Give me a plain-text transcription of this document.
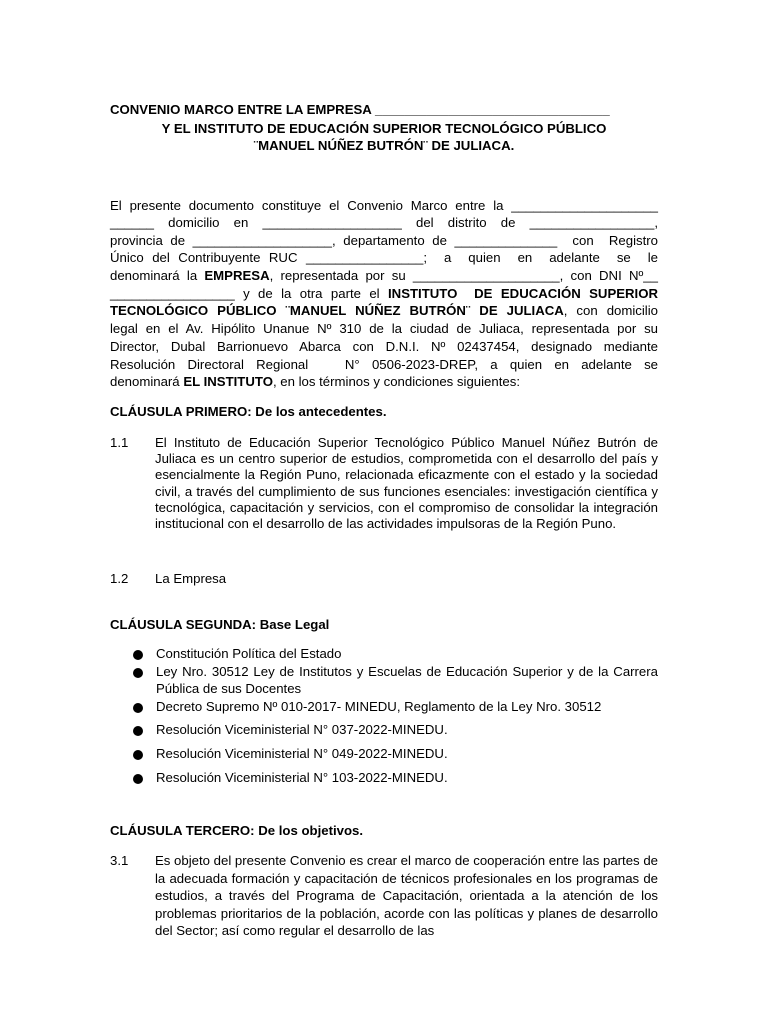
CONVENIO MARCO ENTRE LA EMPRESA ________________________________
Y EL INSTITUTO DE EDUCACIÓN SUPERIOR TECNOLÓGICO PÚBLICO
¨MANUEL NÚÑEZ BUTRÓN¨ DE JULIACA.
El presente documento constituye el Convenio Marco entre la ____________________
______ domicilio en ___________________ del distrito de _________________,
provincia de ___________________, departamento de ______________  con  Registro
Único del Contribuyente RUC ________________;  a  quien  en  adelante  se  le
denominará la EMPRESA, representada por su ____________________, con DNI Nº__
_________________ y de la otra parte el INSTITUTO  DE EDUCACIÓN SUPERIOR
TECNOLÓGICO PÚBLICO ¨MANUEL NÚÑEZ BUTRÓN¨ DE JULIACA, con domicilio
legal en el Av. Hipólito Unanue Nº 310 de la ciudad de Juliaca, representada por su
Director, Dubal Barrionuevo Abarca con D.N.I. Nº 02437454, designado mediante
Resolución Directoral Regional   N° 0506-2023-DREP, a quien en adelante se
denominará EL INSTITUTO, en los términos y condiciones siguientes:
CLÁUSULA PRIMERO: De los antecedentes.
1.1 El Instituto de Educación Superior Tecnológico Público Manuel Núñez Butrón de Juliaca es un centro superior de estudios, comprometida con el desarrollo del país y esencialmente la Región Puno, relacionada eficazmente con el estado y la sociedad civil, a través del cumplimiento de sus funciones esenciales: investigación científica y tecnológica, capacitación y servicios, con el compromiso de consolidar la integración institucional con el desarrollo de las actividades impulsoras de la Región Puno.
1.2 La Empresa
CLÁUSULA SEGUNDA: Base Legal
Constitución Política del Estado
Ley Nro. 30512 Ley de Institutos y Escuelas de Educación Superior y de la Carrera Pública de sus Docentes
Decreto Supremo Nº 010-2017- MINEDU, Reglamento de la Ley Nro. 30512
Resolución Viceministerial N° 037-2022-MINEDU.
Resolución Viceministerial N° 049-2022-MINEDU.
Resolución Viceministerial N° 103-2022-MINEDU.
CLÁUSULA TERCERO: De los objetivos.
3.1 Es objeto del presente Convenio es crear el marco de cooperación entre las partes de la adecuada formación y capacitación de técnicos profesionales en los programas de estudios, a través del Programa de Capacitación, orientada a la atención de los problemas prioritarios de la población, acorde con las políticas y planes de desarrollo del Sector; así como regular el desarrollo de las
